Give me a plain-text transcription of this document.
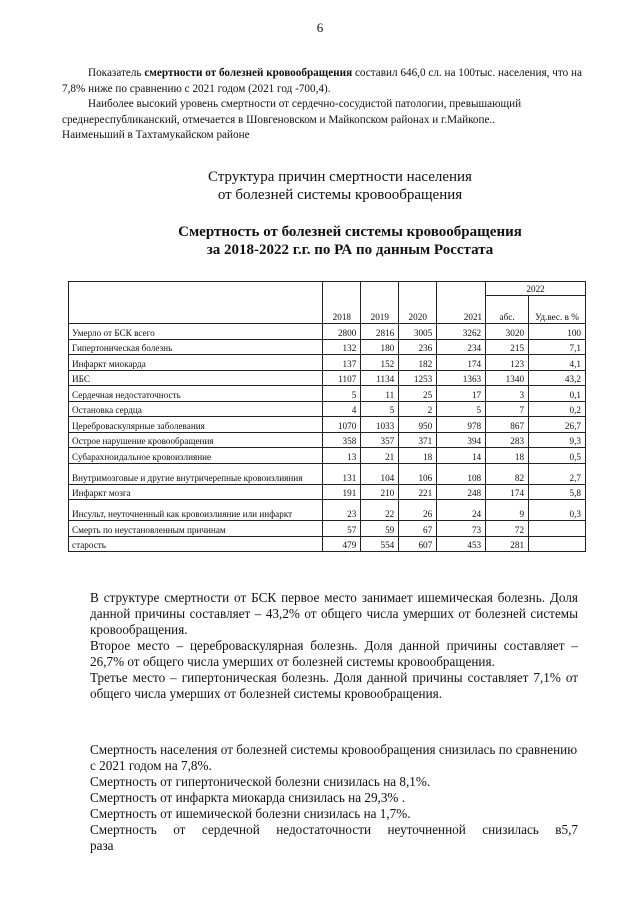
6

Показатель смертности от болезней кровообращения составил 646,0 сл. на 100тыс. населения, что на 7,8% ниже по сравнению с 2021 годом (2021 год -700,4).

Наиболее высокий уровень смертности от сердечно-сосудистой патологии, превышающий среднереспубликанский, отмечается в Шовгеновском и Майкопском районах и г.Майкопе..

Наименьший в Тахтамукайском районе

Структура причин смертности населения
от болезней системы кровообращения
Смертность от болезней системы кровообращения
за 2018-2022 г.г. по РА по данным Росстата
	2018	2019	2020	2021	2022	
					абс.	Уд.вес. в %
Умерло от БСК всего	2800	2816	3005	3262	3020	100
Гипертоническая болезнь	132	180	236	234	215	7,1
Инфаркт миокарда	137	152	182	174	123	4,1
ИБС	1107	1134	1253	1363	1340	43,2
Сердечная недостаточность	5	11	25	17	3	0,1
Остановка сердца	4	5	2	5	7	0,2
Цереброваскулярные заболевания	1070	1033	950	978	867	26,7
Острое нарушение кровообращения	358	357	371	394	283	9,3
Субарахноидальное кровоизлияние	13	21	18	14	18	0,5
Внутримозговые и другие внутричерепные кровоизлияния	131	104	106	108	82	2,7
Инфаркт мозга	191	210	221	248	174	5,8
Инсульт, неуточненный как кровоизлияние или инфаркт	23	22	26	24	9	0,3
Смерть по неустановленным причинам	57	59	67	73	72	
старость	479	554	607	453	281	

В структуре смертности от БСК первое место занимает ишемическая болезнь. Доля данной причины составляет – 43,2% от общего числа умерших от болезней системы кровообращения.

Второе место – цереброваскулярная болезнь. Доля данной причины составляет – 26,7% от общего числа умерших от болезней системы кровообращения.

Третье место – гипертоническая болезнь. Доля данной причины составляет 7,1% от общего числа умерших от болезней системы кровообращения.

Смертность населения от болезней системы кровообращения снизилась по сравнению с 2021 годом на 7,8%.

Смертность от гипертонической болезни снизилась на 8,1%.

Смертность от инфаркта миокарда снизилась на 29,3% .

Смертность от ишемической болезни снизилась на 1,7%.

Смертность от сердечной недостаточности неуточненной снизилась в5,7

раза
